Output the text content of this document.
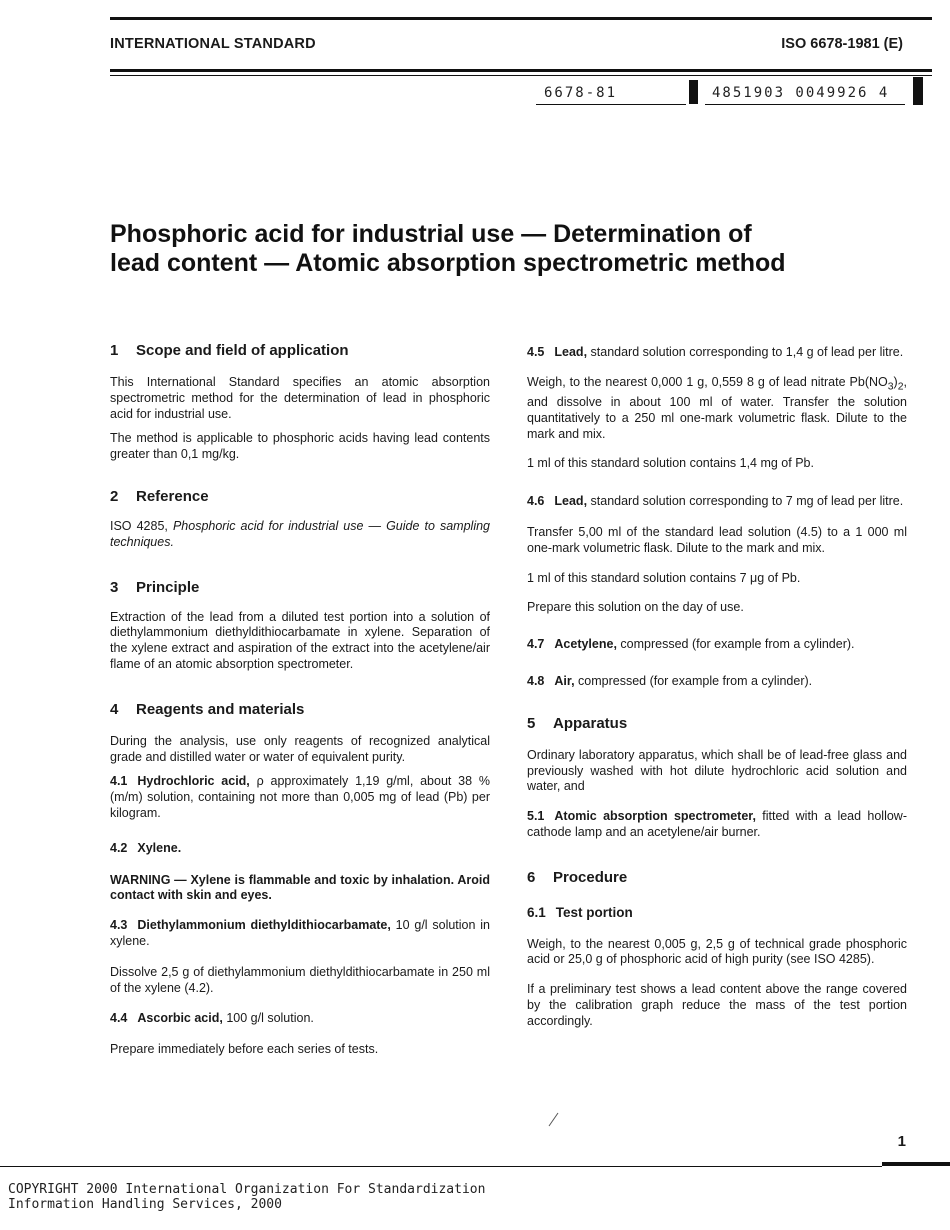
INTERNATIONAL STANDARD	ISO 6678-1981 (E)
6678-81	4851903 0049926 4
Phosphoric acid for industrial use — Determination of
lead content — Atomic absorption spectrometric method
1 Scope and field of application

This International Standard specifies an atomic absorption spectrometric method for the determination of lead in phosphoric acid for industrial use.

The method is applicable to phosphoric acids having lead contents greater than 0,1 mg/kg.

2 Reference

ISO 4285, Phosphoric acid for industrial use — Guide to sampling techniques.

3 Principle

Extraction of the lead from a diluted test portion into a solution of diethylammonium diethyldithiocarbamate in xylene. Separation of the xylene extract and aspiration of the extract into the acetylene/air flame of an atomic absorption spectrometer.

4 Reagents and materials

During the analysis, use only reagents of recognized analytical grade and distilled water or water of equivalent purity.

4.1 Hydrochloric acid, ρ approximately 1,19 g/ml, about 38 % (m/m) solution, containing not more than 0,005 mg of lead (Pb) per kilogram.

4.2 Xylene.

WARNING — Xylene is flammable and toxic by inhalation. Aroid contact with skin and eyes.

4.3 Diethylammonium diethyldithiocarbamate, 10 g/l solution in xylene.

Dissolve 2,5 g of diethylammonium diethyldithiocarbamate in 250 ml of the xylene (4.2).

4.4 Ascorbic acid, 100 g/l solution.

Prepare immediately before each series of tests.

4.5 Lead, standard solution corresponding to 1,4 g of lead per litre.

Weigh, to the nearest 0,000 1 g, 0,559 8 g of lead nitrate $Pb(NO_3)_2$, and dissolve in about 100 ml of water. Transfer the solution quantitatively to a 250 ml one-mark volumetric flask. Dilute to the mark and mix.

1 ml of this standard solution contains 1,4 mg of Pb.

4.6 Lead, standard solution corresponding to 7 mg of lead per litre.

Transfer 5,00 ml of the standard lead solution (4.5) to a 1 000 ml one-mark volumetric flask. Dilute to the mark and mix.

1 ml of this standard solution contains 7 μg of Pb.

Prepare this solution on the day of use.

4.7 Acetylene, compressed (for example from a cylinder).

4.8 Air, compressed (for example from a cylinder).

5 Apparatus

Ordinary laboratory apparatus, which shall be of lead-free glass and previously washed with hot dilute hydrochloric acid solution and water, and

5.1 Atomic absorption spectrometer, fitted with a lead hollow-cathode lamp and an acetylene/air burner.

6 Procedure
6.1 Test portion

Weigh, to the nearest 0,005 g, 2,5 g of technical grade phosphoric acid or 25,0 g of phosphoric acid of high purity (see ISO 4285).

If a preliminary test shows a lead content above the range covered by the calibration graph reduce the mass of the test portion accordingly.

1
COPYRIGHT 2000 International Organization For Standardization
Information Handling Services, 2000
